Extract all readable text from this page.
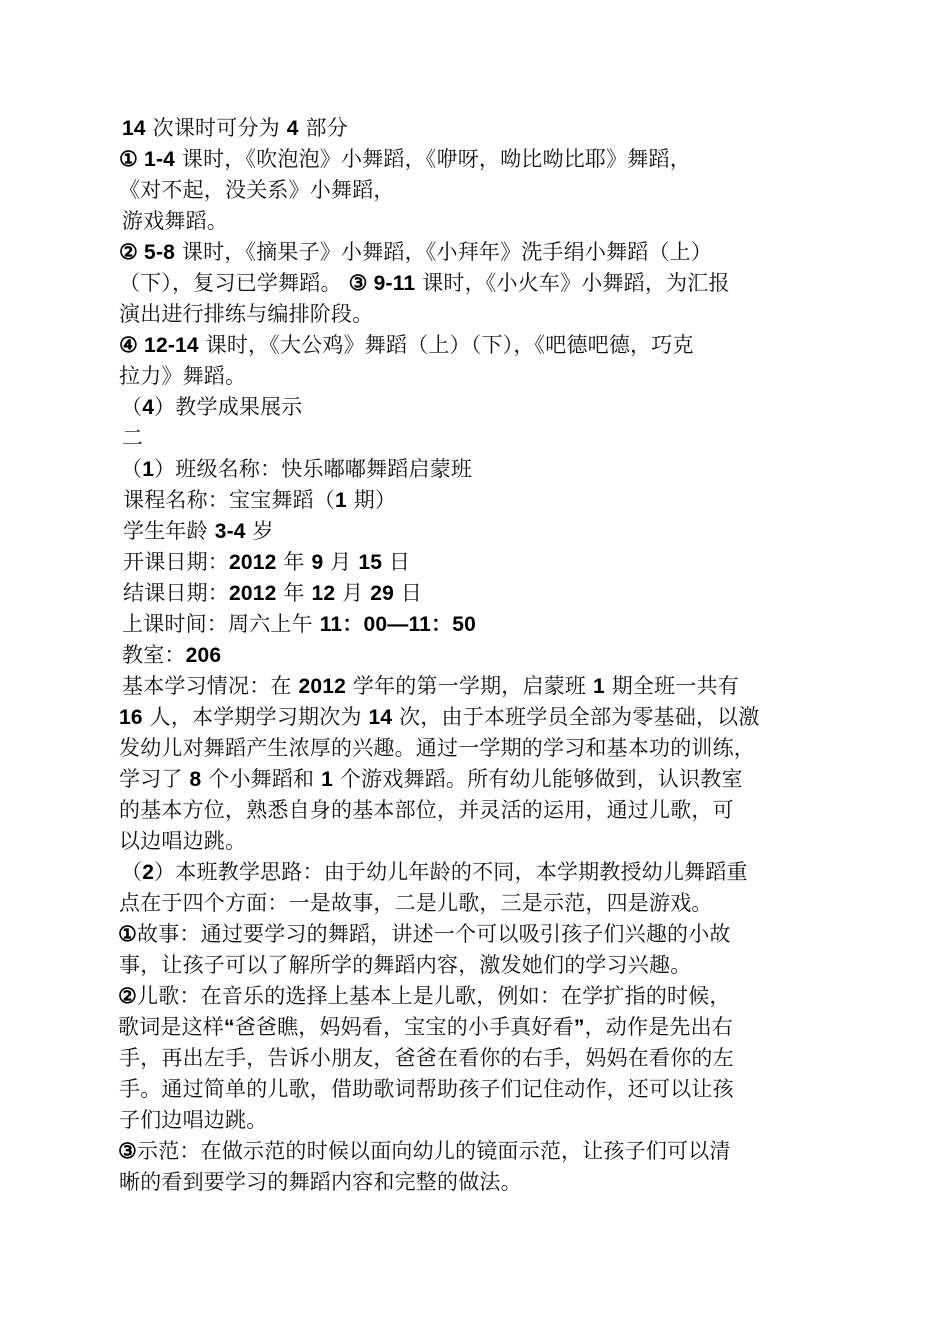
14 次课时可分为 4 部分
① 1-4 课时，《吹泡泡》小舞蹈，《咿呀，呦比呦比耶》舞蹈，
《对不起，没关系》小舞蹈，
游戏舞蹈。
② 5-8 课时，《摘果子》小舞蹈，《小拜年》洗手绢小舞蹈（上）
（下），复习已学舞蹈。 ③ 9-11 课时，《小火车》小舞蹈，为汇报
演出进行排练与编排阶段。
④ 12-14 课时，《大公鸡》舞蹈（上）（下），《吧德吧德，巧克
拉力》舞蹈。
（4）教学成果展示
二
（1）班级名称：快乐嘟嘟舞蹈启蒙班
课程名称：宝宝舞蹈（1 期）
学生年龄 3-4 岁
开课日期：2012 年 9 月 15 日
结课日期：2012 年 12 月 29 日
上课时间：周六上午 11：00—11：50
教室：206
基本学习情况：在 2012 学年的第一学期，启蒙班 1 期全班一共有
16 人，本学期学习期次为 14 次，由于本班学员全部为零基础，以激
发幼儿对舞蹈产生浓厚的兴趣。通过一学期的学习和基本功的训练，
学习了 8 个小舞蹈和 1 个游戏舞蹈。所有幼儿能够做到，认识教室
的基本方位，熟悉自身的基本部位，并灵活的运用，通过儿歌，可
以边唱边跳。
（2）本班教学思路：由于幼儿年龄的不同，本学期教授幼儿舞蹈重
点在于四个方面：一是故事，二是儿歌，三是示范，四是游戏。
①故事：通过要学习的舞蹈，讲述一个可以吸引孩子们兴趣的小故
事，让孩子可以了解所学的舞蹈内容，激发她们的学习兴趣。
②儿歌：在音乐的选择上基本上是儿歌，例如：在学扩指的时候，
歌词是这样“爸爸瞧，妈妈看，宝宝的小手真好看”，动作是先出右
手，再出左手，告诉小朋友，爸爸在看你的右手，妈妈在看你的左
手。通过简单的儿歌，借助歌词帮助孩子们记住动作，还可以让孩
子们边唱边跳。
③示范：在做示范的时候以面向幼儿的镜面示范，让孩子们可以清
晰的看到要学习的舞蹈内容和完整的做法。
